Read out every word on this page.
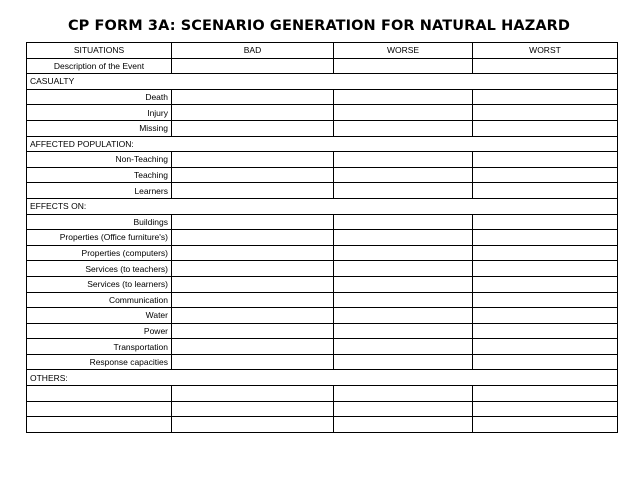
CP FORM 3A: SCENARIO GENERATION FOR NATURAL HAZARD
SITUATIONS	BAD	WORSE	WORST
Description of the Event			
CASUALTY			
Death			
Injury			
Missing			
AFFECTED POPULATION:			
Non-Teaching			
Teaching			
Learners			
EFFECTS ON:			
Buildings			
Properties (Office furniture's)			
Properties (computers)			
Services (to teachers)			
Services (to learners)			
Communication			
Water			
Power			
Transportation			
Response capacities			
OTHERS:			
